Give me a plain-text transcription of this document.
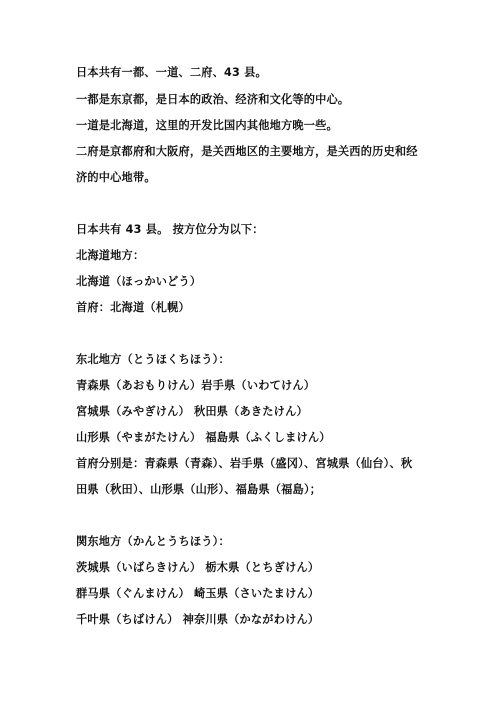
日本共有一都、一道、二府、43 县。
一都是东京都，是日本的政治、经济和文化等的中心。
一道是北海道，这里的开发比国内其他地方晚一些。
二府是京都府和大阪府，是关西地区的主要地方，是关西的历史和经
济的中心地带。
日本共有 43 县。 按方位分为以下：
北海道地方：
北海道（ほっかいどう）
首府：北海道（札幌）
东北地方（とうほくちほう）：
青森県（あおもりけん）岩手県（いわてけん）
宮城県（みやぎけん） 秋田県（あきたけん）
山形県（やまがたけん） 福島県（ふくしまけん）
首府分别是：青森県（青森）、岩手県（盛冈）、宮城県（仙台）、秋
田県（秋田）、山形県（山形）、福島県（福島）；
関东地方（かんとうちほう）：
茨城県（いばらきけん） 栃木県（とちぎけん）
群马県（ぐんまけん） 崎玉県（さいたまけん）
千叶県（ちばけん） 神奈川県（かながわけん）
